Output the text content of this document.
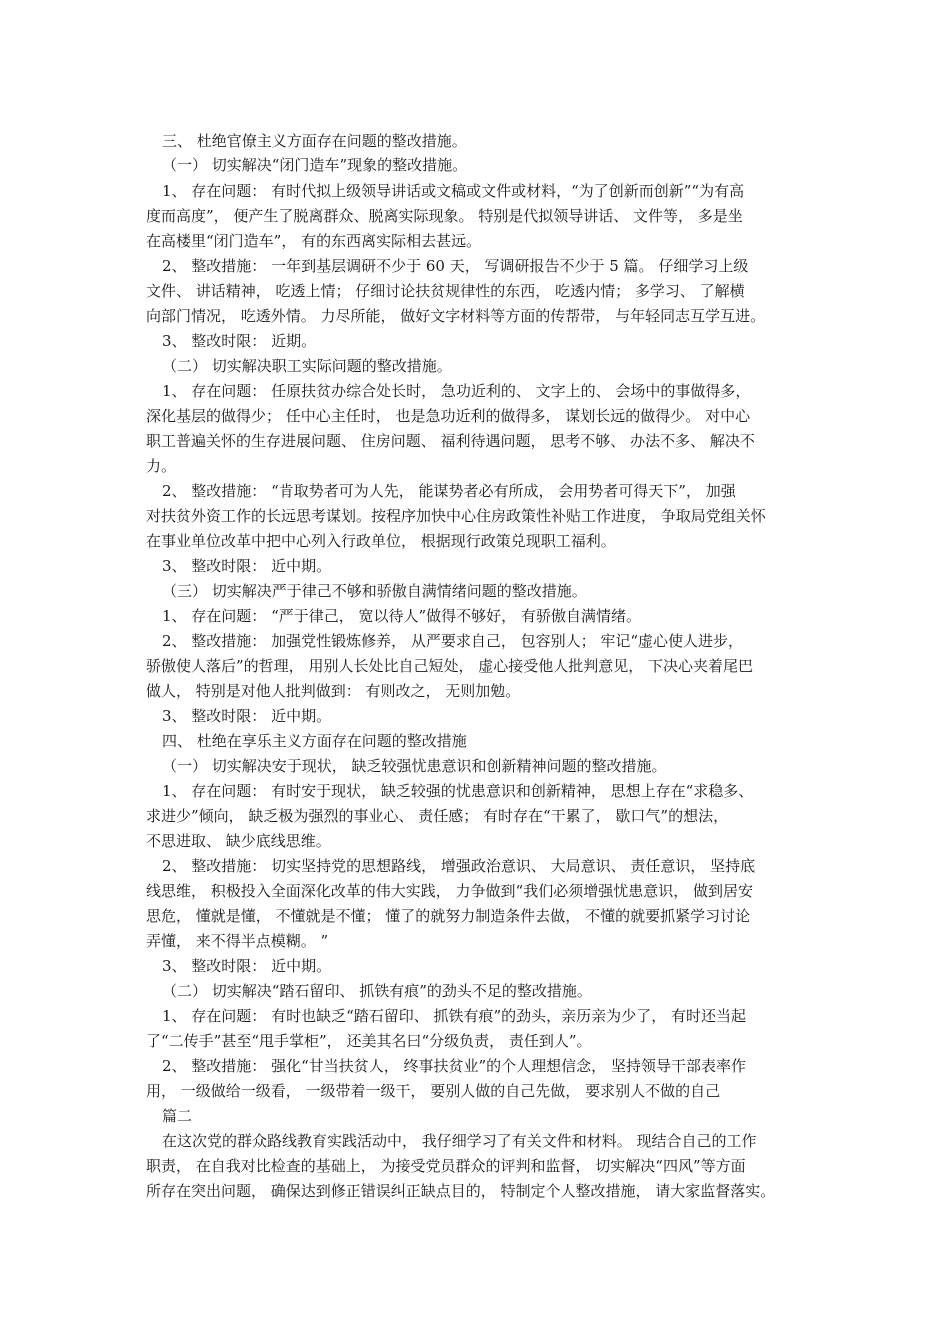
三、 杜绝官僚主义方面存在问题的整改措施。
（一） 切实解决“闭门造车”现象的整改措施。
1、 存在问题： 有时代拟上级领导讲话或文稿或文件或材料，“为了创新而创新”“为有高
度而高度”， 便产生了脱离群众、脱离实际现象。 特别是代拟领导讲话、 文件等， 多是坐
在高楼里“闭门造车”， 有的东西离实际相去甚远。
2、 整改措施： 一年到基层调研不少于 60 天， 写调研报告不少于 5 篇。 仔细学习上级
文件、 讲话精神， 吃透上情； 仔细讨论扶贫规律性的东西， 吃透内情； 多学习、 了解横
向部门情况， 吃透外情。 力尽所能， 做好文字材料等方面的传帮带， 与年轻同志互学互进。
3、 整改时限： 近期。
（二） 切实解决职工实际问题的整改措施。
1、 存在问题： 任原扶贫办综合处长时， 急功近利的、 文字上的、 会场中的事做得多，
深化基层的做得少； 任中心主任时， 也是急功近利的做得多， 谋划长远的做得少。 对中心
职工普遍关怀的生存进展问题、 住房问题、 福利待遇问题， 思考不够、 办法不多、 解决不
力。
2、 整改措施： “肯取势者可为人先， 能谋势者必有所成， 会用势者可得天下”， 加强
对扶贫外资工作的长远思考谋划。按程序加快中心住房政策性补贴工作进度， 争取局党组关怀
在事业单位改革中把中心列入行政单位， 根据现行政策兑现职工福利。
3、 整改时限： 近中期。
（三） 切实解决严于律己不够和骄傲自满情绪问题的整改措施。
1、 存在问题： “严于律己， 宽以待人”做得不够好， 有骄傲自满情绪。
2、 整改措施： 加强党性锻炼修养， 从严要求自己， 包容别人； 牢记“虚心使人进步，
骄傲使人落后”的哲理， 用别人长处比自己短处， 虚心接受他人批判意见， 下决心夹着尾巴
做人， 特别是对他人批判做到： 有则改之， 无则加勉。
3、 整改时限： 近中期。
四、 杜绝在享乐主义方面存在问题的整改措施
（一） 切实解决安于现状， 缺乏较强忧患意识和创新精神问题的整改措施。
1、 存在问题： 有时安于现状， 缺乏较强的忧患意识和创新精神， 思想上存在“求稳多、
求进少”倾向， 缺乏极为强烈的事业心、 责任感； 有时存在“干累了， 歇口气”的想法，
不思进取、 缺少底线思维。
2、 整改措施： 切实坚持党的思想路线， 增强政治意识、 大局意识、 责任意识， 坚持底
线思维， 积极投入全面深化改革的伟大实践， 力争做到“我们必须增强忧患意识， 做到居安
思危， 懂就是懂， 不懂就是不懂； 懂了的就努力制造条件去做， 不懂的就要抓紧学习讨论
弄懂， 来不得半点模糊。 ”
3、 整改时限： 近中期。
（二） 切实解决“踏石留印、 抓铁有痕”的劲头不足的整改措施。
1、 存在问题： 有时也缺乏“踏石留印、 抓铁有痕”的劲头，亲历亲为少了， 有时还当起
了“二传手”甚至“甩手掌柜”， 还美其名曰“分级负责， 责任到人”。
2、 整改措施： 强化“甘当扶贫人， 终事扶贫业”的个人理想信念， 坚持领导干部表率作
用， 一级做给一级看， 一级带着一级干， 要别人做的自己先做， 要求别人不做的自己
篇二
在这次党的群众路线教育实践活动中， 我仔细学习了有关文件和材料。 现结合自己的工作
职责， 在自我对比检查的基础上， 为接受党员群众的评判和监督， 切实解决“四风”等方面
所存在突出问题， 确保达到修正错误纠正缺点目的， 特制定个人整改措施， 请大家监督落实。
